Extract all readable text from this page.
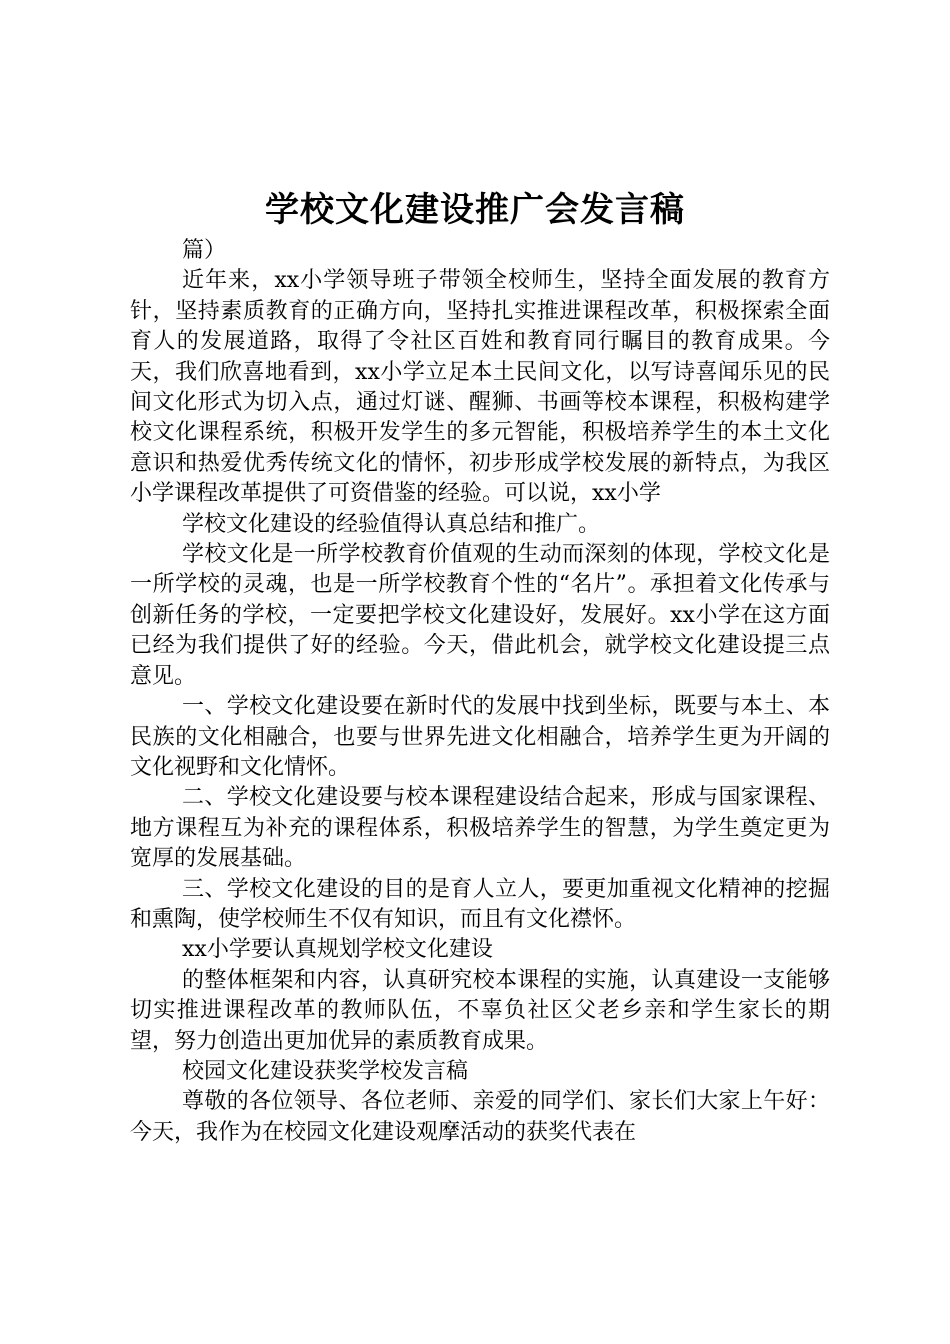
学校文化建设推广会发言稿

篇）

近年来，xx小学领导班子带领全校师生，坚持全面发展的教育方针，坚持素质教育的正确方向，坚持扎实推进课程改革，积极探索全面育人的发展道路，取得了令社区百姓和教育同行瞩目的教育成果。今天，我们欣喜地看到，xx小学立足本土民间文化，以写诗喜闻乐见的民间文化形式为切入点，通过灯谜、醒狮、书画等校本课程，积极构建学校文化课程系统，积极开发学生的多元智能，积极培养学生的本土文化意识和热爱优秀传统文化的情怀，初步形成学校发展的新特点，为我区小学课程改革提供了可资借鉴的经验。可以说，xx小学

学校文化建设的经验值得认真总结和推广。

学校文化是一所学校教育价值观的生动而深刻的体现，学校文化是一所学校的灵魂，也是一所学校教育个性的“名片”。承担着文化传承与创新任务的学校，一定要把学校文化建设好，发展好。xx小学在这方面已经为我们提供了好的经验。今天，借此机会，就学校文化建设提三点意见。

一、学校文化建设要在新时代的发展中找到坐标，既要与本土、本民族的文化相融合，也要与世界先进文化相融合，培养学生更为开阔的文化视野和文化情怀。

二、学校文化建设要与校本课程建设结合起来，形成与国家课程、地方课程互为补充的课程体系，积极培养学生的智慧，为学生奠定更为宽厚的发展基础。

三、学校文化建设的目的是育人立人，要更加重视文化精神的挖掘和熏陶，使学校师生不仅有知识，而且有文化襟怀。

xx小学要认真规划学校文化建设

的整体框架和内容，认真研究校本课程的实施，认真建设一支能够切实推进课程改革的教师队伍，不辜负社区父老乡亲和学生家长的期望，努力创造出更加优异的素质教育成果。

校园文化建设获奖学校发言稿

尊敬的各位领导、各位老师、亲爱的同学们、家长们大家上午好：今天，我作为在校园文化建设观摩活动的获奖代表在
